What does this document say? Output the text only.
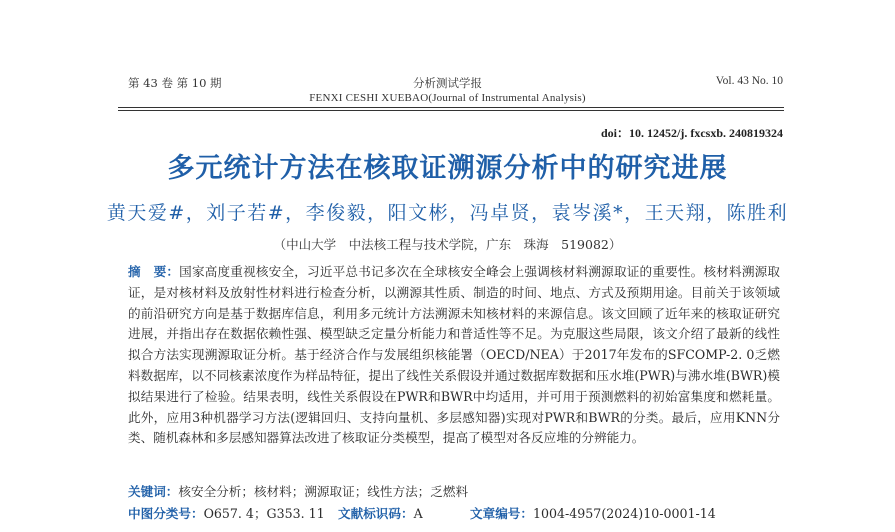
第 43 卷 第 10 期	分析测试学报	Vol. 43 No. 10
FENXI CESHI XUEBAO(Journal of Instrumental Analysis)
doi：10. 12452/j. fxcsxb. 240819324
多元统计方法在核取证溯源分析中的研究进展
黄天爱#，刘子若#，李俊毅，阳文彬，冯卓贤，袁岑溪*，王天翔，陈胜利
（中山大学　中法核工程与技术学院，广东　珠海　519082）
摘　要：国家高度重视核安全，习近平总书记多次在全球核安全峰会上强调核材料溯源取证的重要性。核材料溯源取证，是对核材料及放射性材料进行检查分析，以溯源其性质、制造的时间、地点、方式及预期用途。目前关于该领域的前沿研究方向是基于数据库信息，利用多元统计方法溯源未知核材料的来源信息。该文回顾了近年来的核取证研究进展，并指出存在数据依赖性强、模型缺乏定量分析能力和普适性等不足。为克服这些局限，该文介绍了最新的线性拟合方法实现溯源取证分析。基于经济合作与发展组织核能署（OECD/NEA）于2017年发布的SFCOMP-2. 0乏燃料数据库，以不同核素浓度作为样品特征，提出了线性关系假设并通过数据库数据和压水堆(PWR)与沸水堆(BWR)模拟结果进行了检验。结果表明，线性关系假设在PWR和BWR中均适用，并可用于预测燃料的初始富集度和燃耗量。此外，应用3种机器学习方法(逻辑回归、支持向量机、多层感知器)实现对PWR和BWR的分类。最后，应用KNN分类、随机森林和多层感知器算法改进了核取证分类模型，提高了模型对各反应堆的分辨能力。
关键词：核安全分析；核材料；溯源取证；线性方法；乏燃料
中图分类号：O657. 4；G353. 11 文献标识码：A	文章编号：1004-4957(2024)10-0001-14
